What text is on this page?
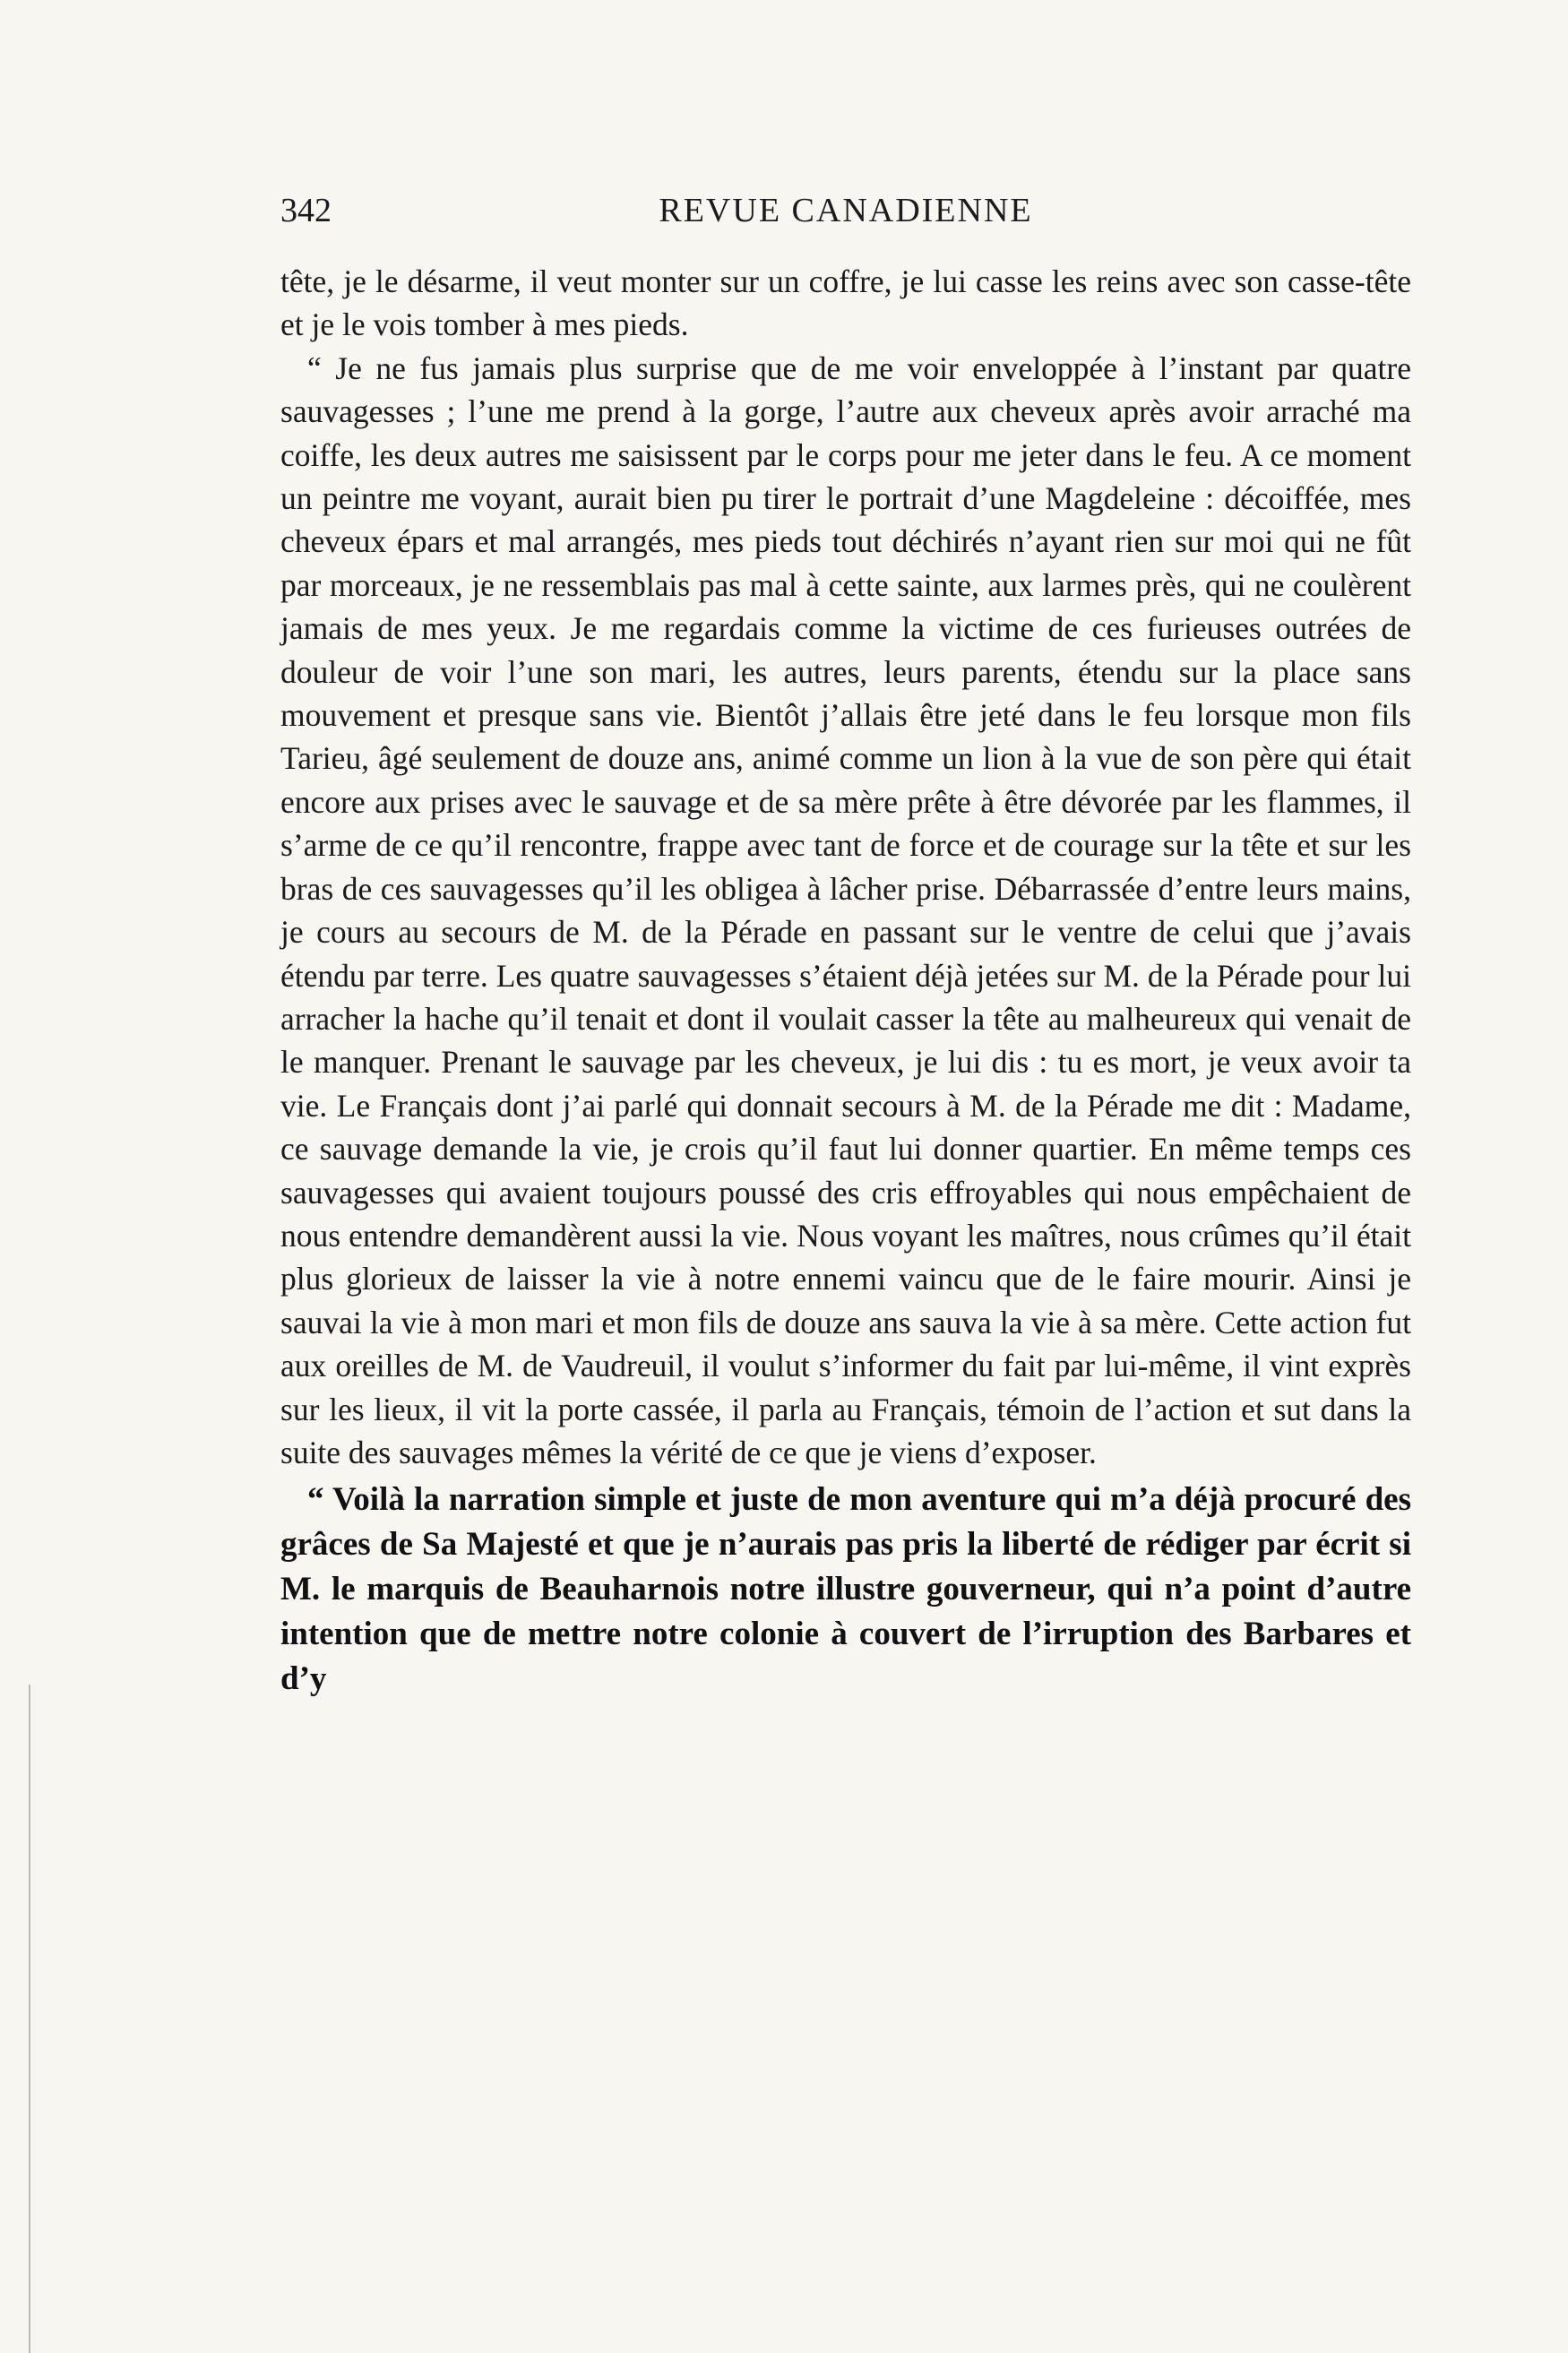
342	REVUE CANADIENNE

tête, je le désarme, il veut monter sur un coffre, je lui casse les reins avec son casse-tête et je le vois tomber à mes pieds.

“ Je ne fus jamais plus surprise que de me voir enveloppée à l’instant par quatre sauvagesses ; l’une me prend à la gorge, l’autre aux cheveux après avoir arraché ma coiffe, les deux autres me saisissent par le corps pour me jeter dans le feu. A ce moment un peintre me voyant, aurait bien pu tirer le portrait d’une Magdeleine : décoiffée, mes cheveux épars et mal arrangés, mes pieds tout déchirés n’ayant rien sur moi qui ne fût par morceaux, je ne ressemblais pas mal à cette sainte, aux larmes près, qui ne coulèrent jamais de mes yeux. Je me regardais comme la victime de ces furieuses outrées de douleur de voir l’une son mari, les autres, leurs parents, étendu sur la place sans mouvement et presque sans vie. Bientôt j’allais être jeté dans le feu lorsque mon fils Tarieu, âgé seulement de douze ans, animé comme un lion à la vue de son père qui était encore aux prises avec le sauvage et de sa mère prête à être dévorée par les flammes, il s’arme de ce qu’il rencontre, frappe avec tant de force et de courage sur la tête et sur les bras de ces sauvagesses qu’il les obligea à lâcher prise. Débarrassée d’entre leurs mains, je cours au secours de M. de la Pérade en passant sur le ventre de celui que j’avais étendu par terre. Les quatre sauvagesses s’étaient déjà jetées sur M. de la Pérade pour lui arracher la hache qu’il tenait et dont il voulait casser la tête au malheureux qui venait de le manquer. Prenant le sauvage par les cheveux, je lui dis : tu es mort, je veux avoir ta vie. Le Français dont j’ai parlé qui donnait secours à M. de la Pérade me dit : Madame, ce sauvage demande la vie, je crois qu’il faut lui donner quartier. En même temps ces sauvagesses qui avaient toujours poussé des cris effroyables qui nous empêchaient de nous entendre demandèrent aussi la vie. Nous voyant les maîtres, nous crûmes qu’il était plus glorieux de laisser la vie à notre ennemi vaincu que de le faire mourir. Ainsi je sauvai la vie à mon mari et mon fils de douze ans sauva la vie à sa mère. Cette action fut aux oreilles de M. de Vaudreuil, il voulut s’informer du fait par lui-même, il vint exprès sur les lieux, il vit la porte cassée, il parla au Français, témoin de l’action et sut dans la suite des sauvages mêmes la vérité de ce que je viens d’exposer.

“ Voilà la narration simple et juste de mon aventure qui m’a déjà procuré des grâces de Sa Majesté et que je n’aurais pas pris la liberté de rédiger par écrit si M. le marquis de Beauharnois notre illustre gouverneur, qui n’a point d’autre intention que de mettre notre colonie à couvert de l’irruption des Barbares et d’y
